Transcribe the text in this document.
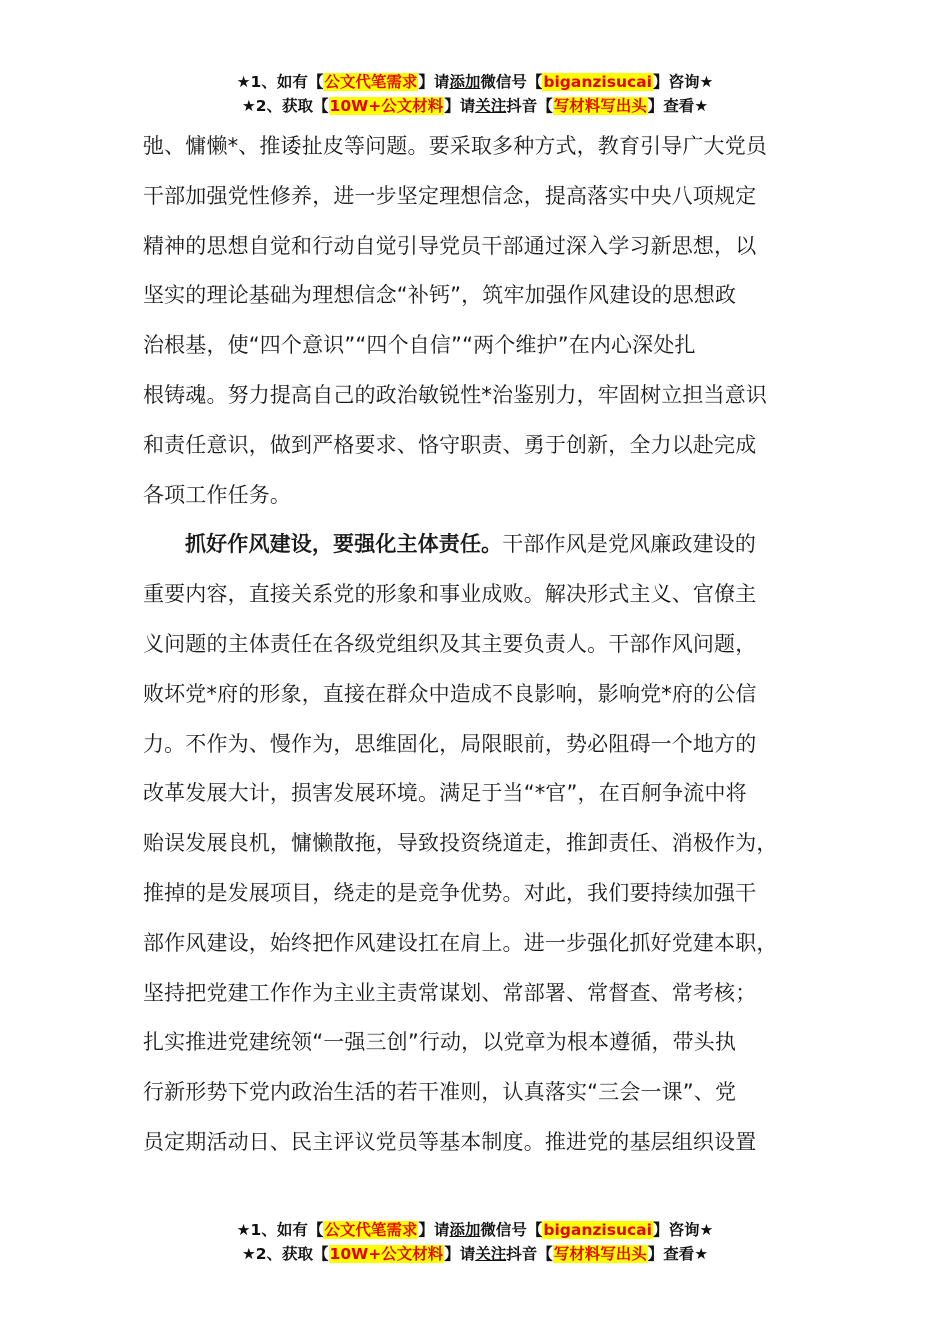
★1、如有【公文代笔需求】请添加微信号【biganzisucai】咨询★
★2、获取【10W+公文材料】请关注抖音【写材料写出头】查看★

弛、慵懒*、推诿扯皮等问题。要采取多种方式，教育引导广大党员
干部加强党性修养，进一步坚定理想信念，提高落实中央八项规定
精神的思想自觉和行动自觉引导党员干部通过深入学习新思想，以
坚实的理论基础为理想信念“补钙”，筑牢加强作风建设的思想政
治根基，使“四个意识”“四个自信”“两个维护”在内心深处扎
根铸魂。努力提高自己的政治敏锐性*治鉴别力，牢固树立担当意识
和责任意识，做到严格要求、恪守职责、勇于创新，全力以赴完成
各项工作任务。

抓好作风建设，要强化主体责任。干部作风是党风廉政建设的
重要内容，直接关系党的形象和事业成败。解决形式主义、官僚主
义问题的主体责任在各级党组织及其主要负责人。干部作风问题，
败坏党*府的形象，直接在群众中造成不良影响，影响党*府的公信
力。不作为、慢作为，思维固化，局限眼前，势必阻碍一个地方的
改革发展大计，损害发展环境。满足于当“*官”，在百舸争流中将
贻误发展良机，慵懒散拖，导致投资绕道走，推卸责任、消极作为，
推掉的是发展项目，绕走的是竞争优势。对此，我们要持续加强干
部作风建设，始终把作风建设扛在肩上。进一步强化抓好党建本职，
坚持把党建工作作为主业主责常谋划、常部署、常督查、常考核；
扎实推进党建统领“一强三创”行动，以党章为根本遵循，带头执
行新形势下党内政治生活的若干准则，认真落实“三会一课”、党
员定期活动日、民主评议党员等基本制度。推进党的基层组织设置

★1、如有【公文代笔需求】请添加微信号【biganzisucai】咨询★
★2、获取【10W+公文材料】请关注抖音【写材料写出头】查看★
